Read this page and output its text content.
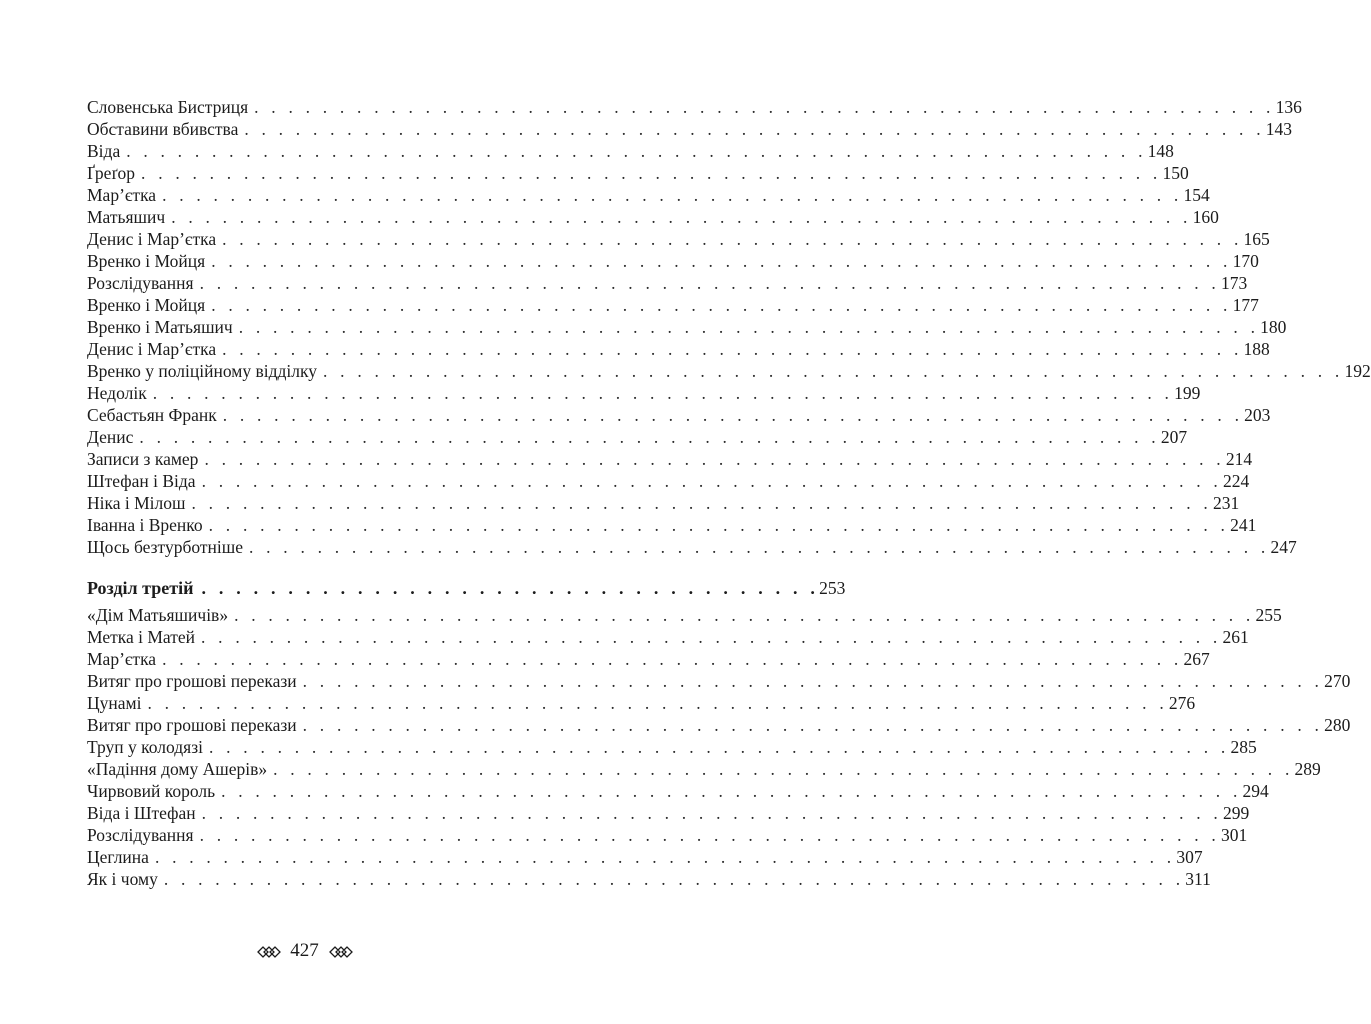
Словенська Бистриця . . . . . . . . . . . . . . . . . . . . . . . . . . . . . . . . . . . . . . . . . . . . . . . . . . . . . . . . . . . . 136
Обставини вбивства . . . . . . . . . . . . . . . . . . . . . . . . . . . . . . . . . . . . . . . . . . . . . . . . . . . . . . . . . . . . 143
Віда . . . . . . . . . . . . . . . . . . . . . . . . . . . . . . . . . . . . . . . . . . . . . . . . . . . . . . . . . . . . 148
Ґреґор . . . . . . . . . . . . . . . . . . . . . . . . . . . . . . . . . . . . . . . . . . . . . . . . . . . . . . . . . . . . 150
Мар’єтка . . . . . . . . . . . . . . . . . . . . . . . . . . . . . . . . . . . . . . . . . . . . . . . . . . . . . . . . . . . . 154
Матьяшич . . . . . . . . . . . . . . . . . . . . . . . . . . . . . . . . . . . . . . . . . . . . . . . . . . . . . . . . . . . . 160
Денис і Мар’єтка . . . . . . . . . . . . . . . . . . . . . . . . . . . . . . . . . . . . . . . . . . . . . . . . . . . . . . . . . . . . 165
Вренко і Мойця . . . . . . . . . . . . . . . . . . . . . . . . . . . . . . . . . . . . . . . . . . . . . . . . . . . . . . . . . . . . 170
Розслідування . . . . . . . . . . . . . . . . . . . . . . . . . . . . . . . . . . . . . . . . . . . . . . . . . . . . . . . . . . . . 173
Вренко і Мойця . . . . . . . . . . . . . . . . . . . . . . . . . . . . . . . . . . . . . . . . . . . . . . . . . . . . . . . . . . . . 177
Вренко і Матьяшич . . . . . . . . . . . . . . . . . . . . . . . . . . . . . . . . . . . . . . . . . . . . . . . . . . . . . . . . . . . . 180
Денис і Мар’єтка . . . . . . . . . . . . . . . . . . . . . . . . . . . . . . . . . . . . . . . . . . . . . . . . . . . . . . . . . . . . 188
Вренко у поліційному відділку . . . . . . . . . . . . . . . . . . . . . . . . . . . . . . . . . . . . . . . . . . . . . . . . . . . . . . . . . . . . 192
Недолік . . . . . . . . . . . . . . . . . . . . . . . . . . . . . . . . . . . . . . . . . . . . . . . . . . . . . . . . . . . . 199
Себастьян Франк . . . . . . . . . . . . . . . . . . . . . . . . . . . . . . . . . . . . . . . . . . . . . . . . . . . . . . . . . . . . 203
Денис . . . . . . . . . . . . . . . . . . . . . . . . . . . . . . . . . . . . . . . . . . . . . . . . . . . . . . . . . . . . 207
Записи з камер . . . . . . . . . . . . . . . . . . . . . . . . . . . . . . . . . . . . . . . . . . . . . . . . . . . . . . . . . . . . 214
Штефан і Віда . . . . . . . . . . . . . . . . . . . . . . . . . . . . . . . . . . . . . . . . . . . . . . . . . . . . . . . . . . . . 224
Ніка і Мілош . . . . . . . . . . . . . . . . . . . . . . . . . . . . . . . . . . . . . . . . . . . . . . . . . . . . . . . . . . . . 231
Іванна і Вренко . . . . . . . . . . . . . . . . . . . . . . . . . . . . . . . . . . . . . . . . . . . . . . . . . . . . . . . . . . . . 241
Щось безтурботніше . . . . . . . . . . . . . . . . . . . . . . . . . . . . . . . . . . . . . . . . . . . . . . . . . . . . . . . . . . . . 247
Розділ третій . . . . . . . . . . . . . . . . . . . . . . . . . . . . . . . . . . . . 253
«Дім Матьяшичів» . . . . . . . . . . . . . . . . . . . . . . . . . . . . . . . . . . . . . . . . . . . . . . . . . . . . . . . . . . . . 255
Метка і Матей . . . . . . . . . . . . . . . . . . . . . . . . . . . . . . . . . . . . . . . . . . . . . . . . . . . . . . . . . . . . 261
Мар’єтка . . . . . . . . . . . . . . . . . . . . . . . . . . . . . . . . . . . . . . . . . . . . . . . . . . . . . . . . . . . . 267
Витяг про грошові перекази . . . . . . . . . . . . . . . . . . . . . . . . . . . . . . . . . . . . . . . . . . . . . . . . . . . . . . . . . . . . 270
Цунамі . . . . . . . . . . . . . . . . . . . . . . . . . . . . . . . . . . . . . . . . . . . . . . . . . . . . . . . . . . . . 276
Витяг про грошові перекази . . . . . . . . . . . . . . . . . . . . . . . . . . . . . . . . . . . . . . . . . . . . . . . . . . . . . . . . . . . . 280
Труп у колодязі . . . . . . . . . . . . . . . . . . . . . . . . . . . . . . . . . . . . . . . . . . . . . . . . . . . . . . . . . . . . 285
«Падіння дому Ашерів» . . . . . . . . . . . . . . . . . . . . . . . . . . . . . . . . . . . . . . . . . . . . . . . . . . . . . . . . . . . . 289
Чирвовий король . . . . . . . . . . . . . . . . . . . . . . . . . . . . . . . . . . . . . . . . . . . . . . . . . . . . . . . . . . . . 294
Віда і Штефан . . . . . . . . . . . . . . . . . . . . . . . . . . . . . . . . . . . . . . . . . . . . . . . . . . . . . . . . . . . . 299
Розслідування . . . . . . . . . . . . . . . . . . . . . . . . . . . . . . . . . . . . . . . . . . . . . . . . . . . . . . . . . . . . 301
Цеглина . . . . . . . . . . . . . . . . . . . . . . . . . . . . . . . . . . . . . . . . . . . . . . . . . . . . . . . . . . . . 307
Як і чому . . . . . . . . . . . . . . . . . . . . . . . . . . . . . . . . . . . . . . . . . . . . . . . . . . . . . . . . . . . . 311
427
